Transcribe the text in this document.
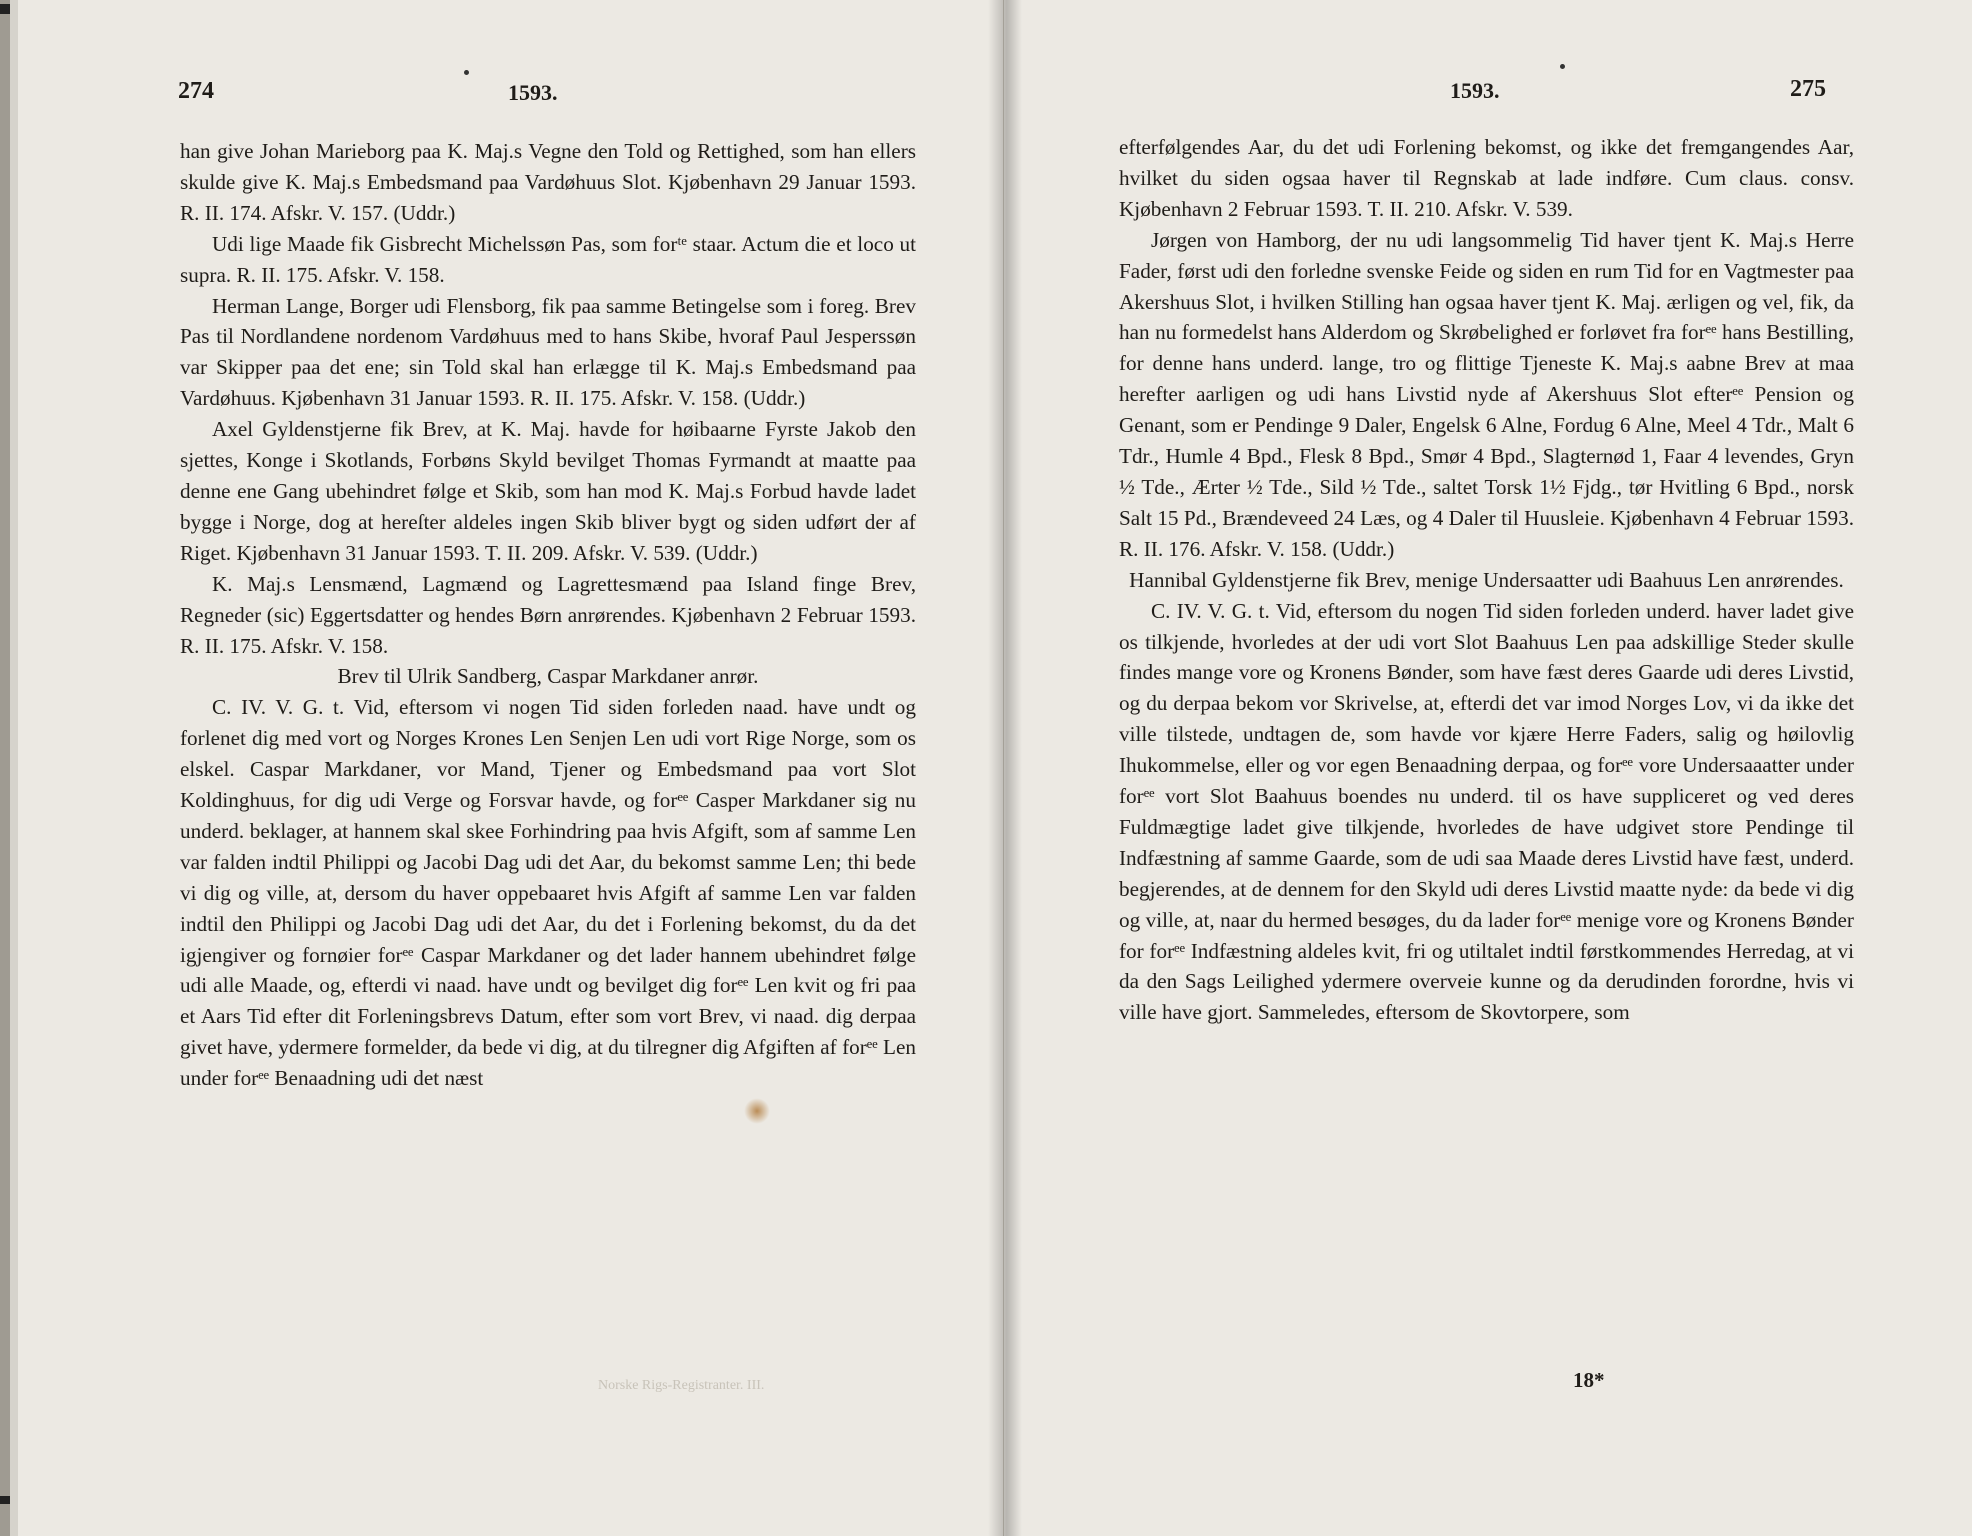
274	1593.

han give Johan Marieborg paa K. Maj.s Vegne den Told og Rettighed, som han ellers skulde give K. Maj.s Embedsmand paa Vardøhuus Slot. Kjøbenhavn 29 Januar 1593. R. II. 174. Afskr. V. 157. (Uddr.)

Udi lige Maade fik Gisbrecht Michelssøn Pas, som forᵗᵉ staar. Actum die et loco ut supra. R. II. 175. Afskr. V. 158.

Herman Lange, Borger udi Flensborg, fik paa samme Betingelse som i foreg. Brev Pas til Nordlandene nordenom Vardøhuus med to hans Skibe, hvoraf Paul Jesperssøn var Skipper paa det ene; sin Told skal han erlægge til K. Maj.s Embedsmand paa Vardøhuus. Kjøbenhavn 31 Januar 1593. R. II. 175. Afskr. V. 158. (Uddr.)

Axel Gyldenstjerne fik Brev, at K. Maj. havde for høibaarne Fyrste Jakob den sjettes, Konge i Skotlands, Forbøns Skyld bevilget Thomas Fyrmandt at maatte paa denne ene Gang ubehindret følge et Skib, som han mod K. Maj.s Forbud havde ladet bygge i Norge, dog at hereſter aldeles ingen Skib bliver bygt og siden udført der af Riget. Kjøbenhavn 31 Januar 1593. T. II. 209. Afskr. V. 539. (Uddr.)

K. Maj.s Lensmænd, Lagmænd og Lagrettesmænd paa Island finge Brev, Regneder (sic) Eggertsdatter og hendes Børn anrørendes. Kjøbenhavn 2 Februar 1593. R. II. 175. Afskr. V. 158.

Brev til Ulrik Sandberg, Caspar Markdaner anrør.

C. IV. V. G. t. Vid, eftersom vi nogen Tid siden forleden naad. have undt og forlenet dig med vort og Norges Krones Len Senjen Len udi vort Rige Norge, som os elskel. Caspar Markdaner, vor Mand, Tjener og Embedsmand paa vort Slot Koldinghuus, for dig udi Verge og Forsvar havde, og forᵉᵉ Casper Markdaner sig nu underd. beklager, at hannem skal skee Forhindring paa hvis Afgift, som af samme Len var falden indtil Philippi og Jacobi Dag udi det Aar, du bekomst samme Len; thi bede vi dig og ville, at, dersom du haver oppebaaret hvis Afgift af samme Len var falden indtil den Philippi og Jacobi Dag udi det Aar, du det i Forlening bekomst, du da det igjengiver og fornøier forᵉᵉ Caspar Markdaner og det lader hannem ubehindret følge udi alle Maade, og, efterdi vi naad. have undt og bevilget dig forᵉᵉ Len kvit og fri paa et Aars Tid efter dit Forleningsbrevs Datum, efter som vort Brev, vi naad. dig derpaa givet have, ydermere formelder, da bede vi dig, at du tilregner dig Afgiften af forᵉᵉ Len under forᵉᵉ Benaadning udi det næst

Norske Rigs-Registranter. III.
1593.	275

efterfølgendes Aar, du det udi Forlening bekomst, og ikke det fremgangendes Aar, hvilket du siden ogsaa haver til Regnskab at lade indføre. Cum claus. consv. Kjøbenhavn 2 Februar 1593. T. II. 210. Afskr. V. 539.

Jørgen von Hamborg, der nu udi langsommelig Tid haver tjent K. Maj.s Herre Fader, først udi den forledne svenske Feide og siden en rum Tid for en Vagtmester paa Akershuus Slot, i hvilken Stilling han ogsaa haver tjent K. Maj. ærligen og vel, fik, da han nu formedelst hans Alderdom og Skrøbelighed er forløvet fra forᵉᵉ hans Bestilling, for denne hans underd. lange, tro og flittige Tjeneste K. Maj.s aabne Brev at maa herefter aarligen og udi hans Livstid nyde af Akershuus Slot efterᵉᵉ Pension og Genant, som er Pendinge 9 Daler, Engelsk 6 Alne, Fordug 6 Alne, Meel 4 Tdr., Malt 6 Tdr., Humle 4 Bpd., Flesk 8 Bpd., Smør 4 Bpd., Slagternød 1, Faar 4 levendes, Gryn ½ Tde., Ærter ½ Tde., Sild ½ Tde., saltet Torsk 1½ Fjdg., tør Hvitling 6 Bpd., norsk Salt 15 Pd., Brændeveed 24 Læs, og 4 Daler til Huusleie. Kjøbenhavn 4 Februar 1593. R. II. 176. Afskr. V. 158. (Uddr.)

Hannibal Gyldenstjerne fik Brev, menige Undersaatter udi Baahuus Len anrørendes.

C. IV. V. G. t. Vid, eftersom du nogen Tid siden forleden underd. haver ladet give os tilkjende, hvorledes at der udi vort Slot Baahuus Len paa adskillige Steder skulle findes mange vore og Kronens Bønder, som have fæst deres Gaarde udi deres Livstid, og du derpaa bekom vor Skrivelse, at, efterdi det var imod Norges Lov, vi da ikke det ville tilstede, undtagen de, som havde vor kjære Herre Faders, salig og høilovlig Ihukommelse, eller og vor egen Benaadning derpaa, og forᵉᵉ vore Undersaaatter under forᵉᵉ vort Slot Baahuus boendes nu underd. til os have suppliceret og ved deres Fuldmægtige ladet give tilkjende, hvorledes de have udgivet store Pendinge til Indfæstning af samme Gaarde, som de udi saa Maade deres Livstid have fæst, underd. begjerendes, at de dennem for den Skyld udi deres Livstid maatte nyde: da bede vi dig og ville, at, naar du hermed besøges, du da lader forᵉᵉ menige vore og Kronens Bønder for forᵉᵉ Indfæstning aldeles kvit, fri og utiltalet indtil førstkommendes Herredag, at vi da den Sags Leilighed ydermere overveie kunne og da derudinden forordne, hvis vi ville have gjort. Sammeledes, eftersom de Skovtorpere, som

18*
